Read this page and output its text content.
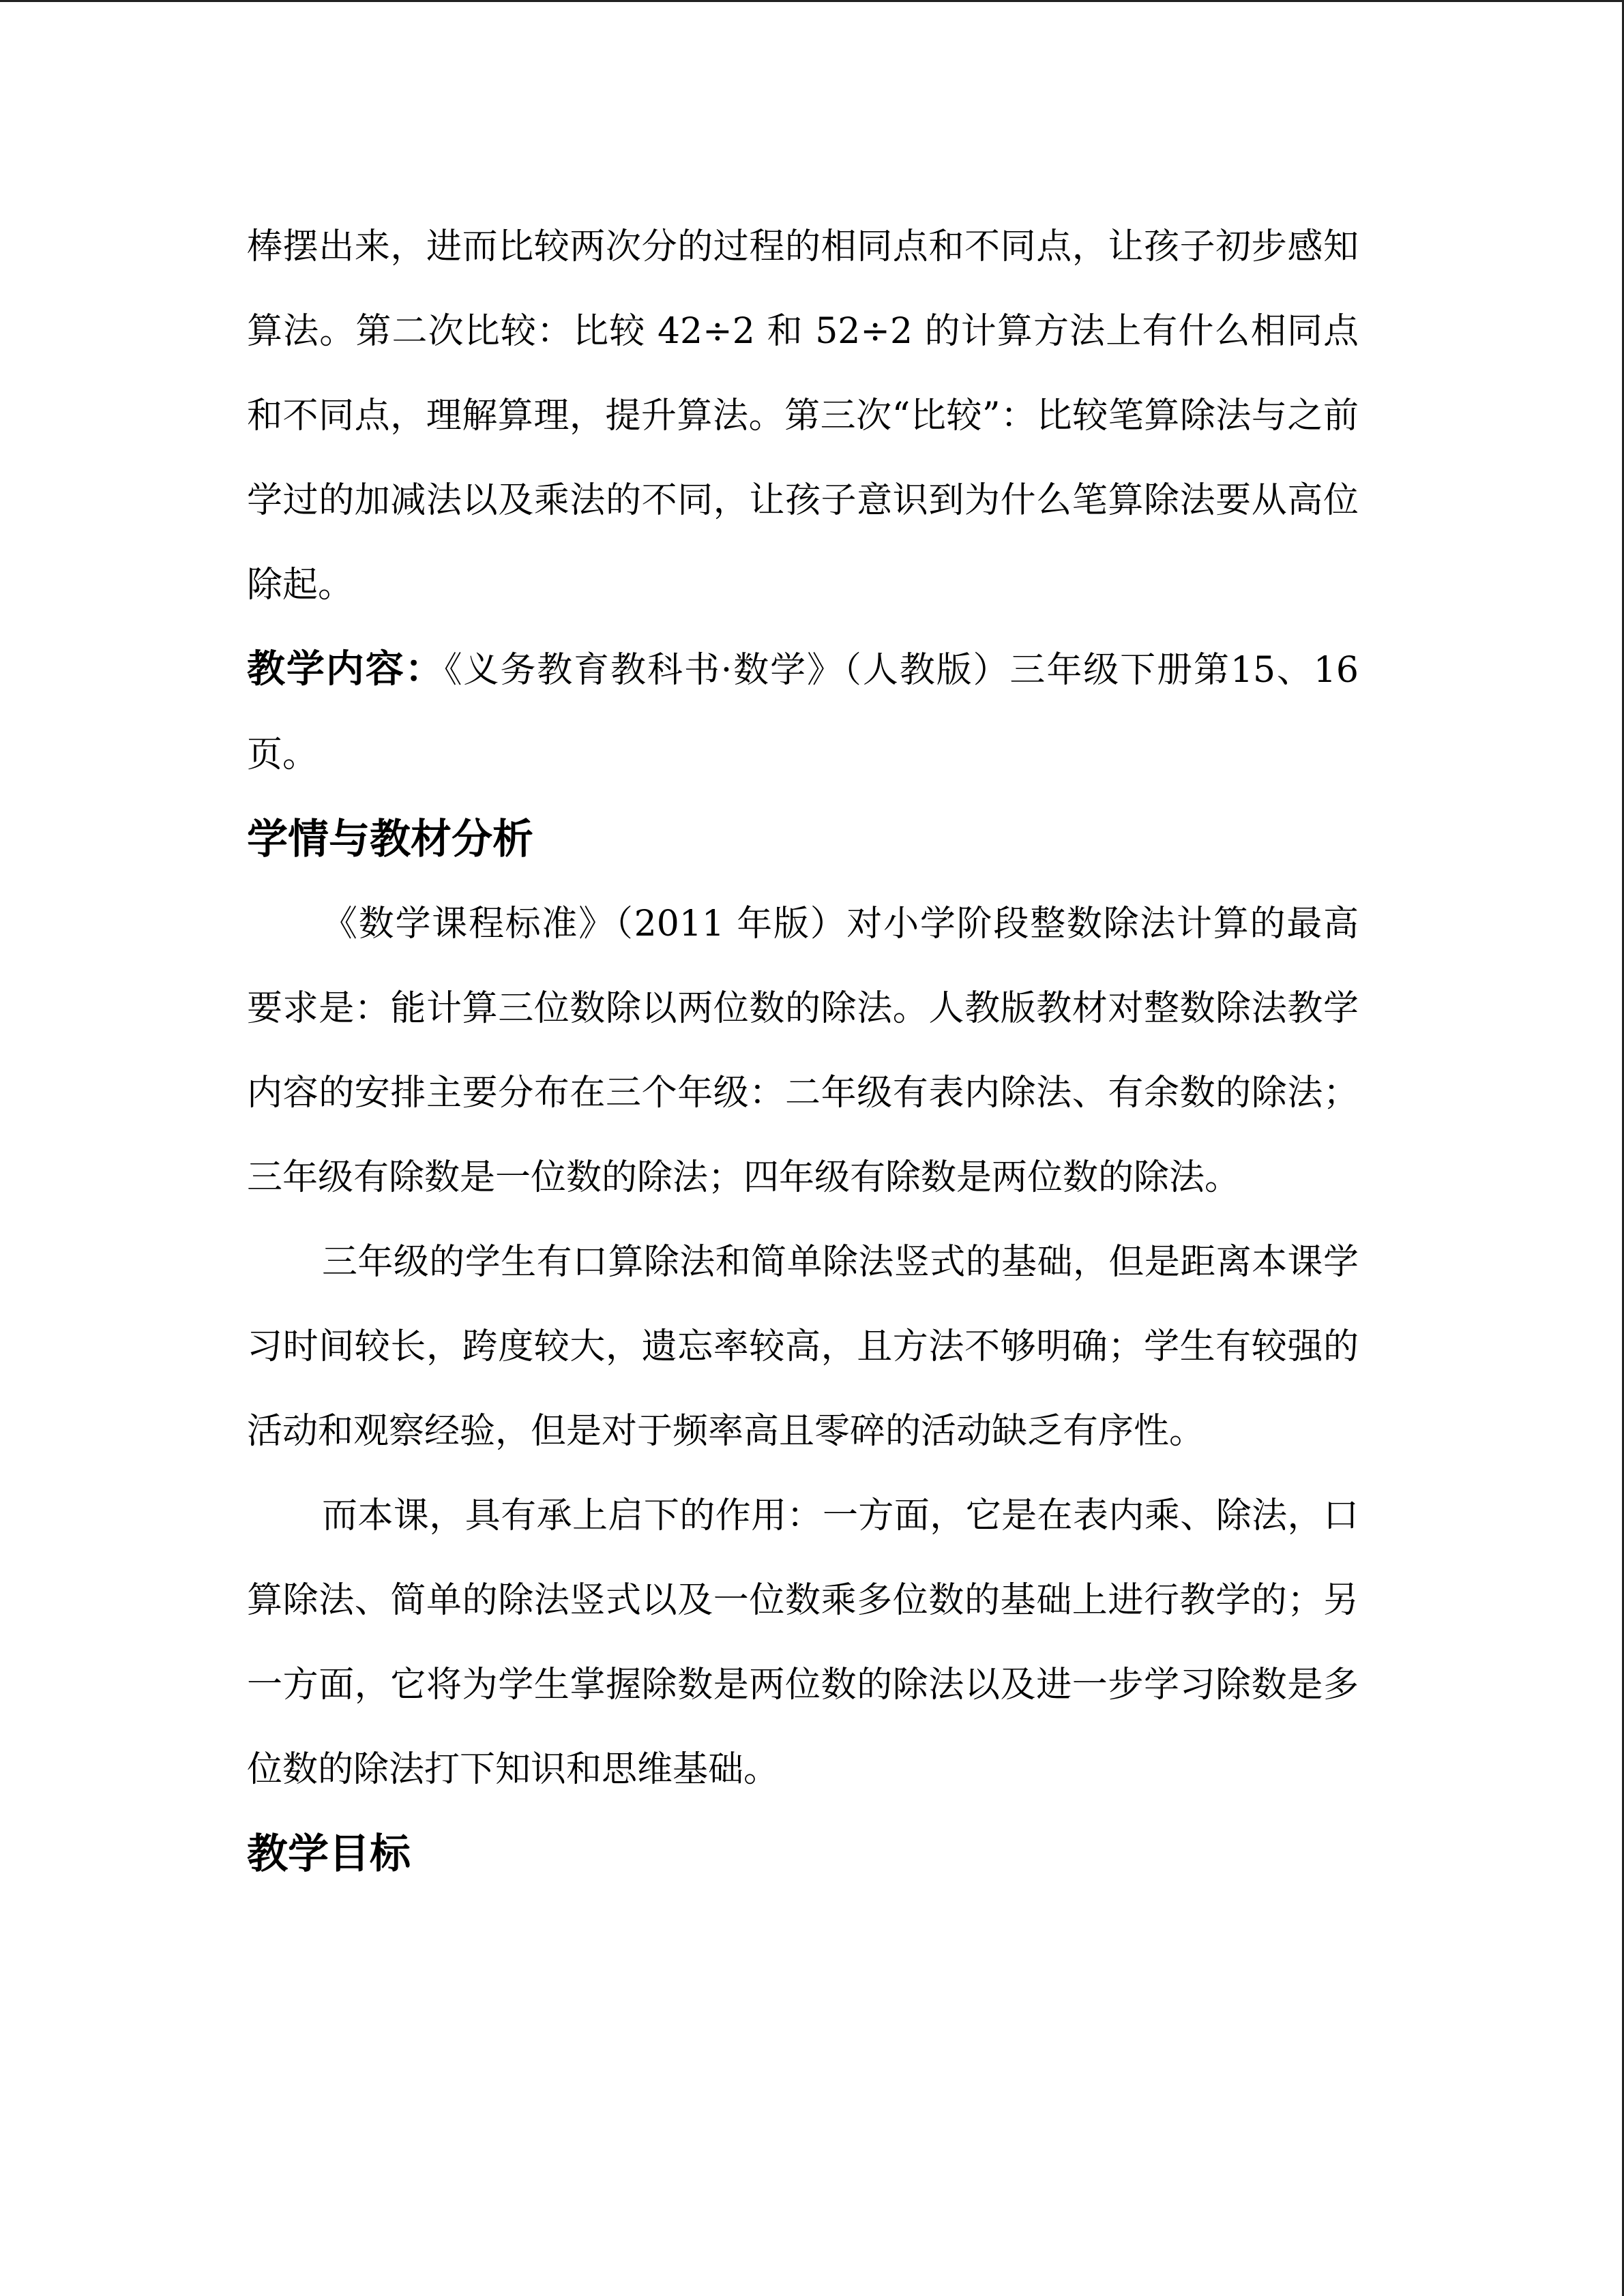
棒摆出来，进而比较两次分的过程的相同点和不同点，让孩子初步感知算法。第二次比较：比较 42÷2 和 52÷2 的计算方法上有什么相同点和不同点，理解算理，提升算法。第三次“比较”：比较笔算除法与之前学过的加减法以及乘法的不同，让孩子意识到为什么笔算除法要从高位除起。

教学内容：《义务教育教科书·数学》（人教版）三年级下册第15、16 页。

学情与教材分析

《数学课程标准》（2011 年版）对小学阶段整数除法计算的最高要求是：能计算三位数除以两位数的除法。人教版教材对整数除法教学内容的安排主要分布在三个年级：二年级有表内除法、有余数的除法；三年级有除数是一位数的除法；四年级有除数是两位数的除法。

三年级的学生有口算除法和简单除法竖式的基础，但是距离本课学习时间较长，跨度较大，遗忘率较高，且方法不够明确；学生有较强的活动和观察经验，但是对于频率高且零碎的活动缺乏有序性。

而本课，具有承上启下的作用：一方面，它是在表内乘、除法，口算除法、简单的除法竖式以及一位数乘多位数的基础上进行教学的；另一方面，它将为学生掌握除数是两位数的除法以及进一步学习除数是多位数的除法打下知识和思维基础。

教学目标
